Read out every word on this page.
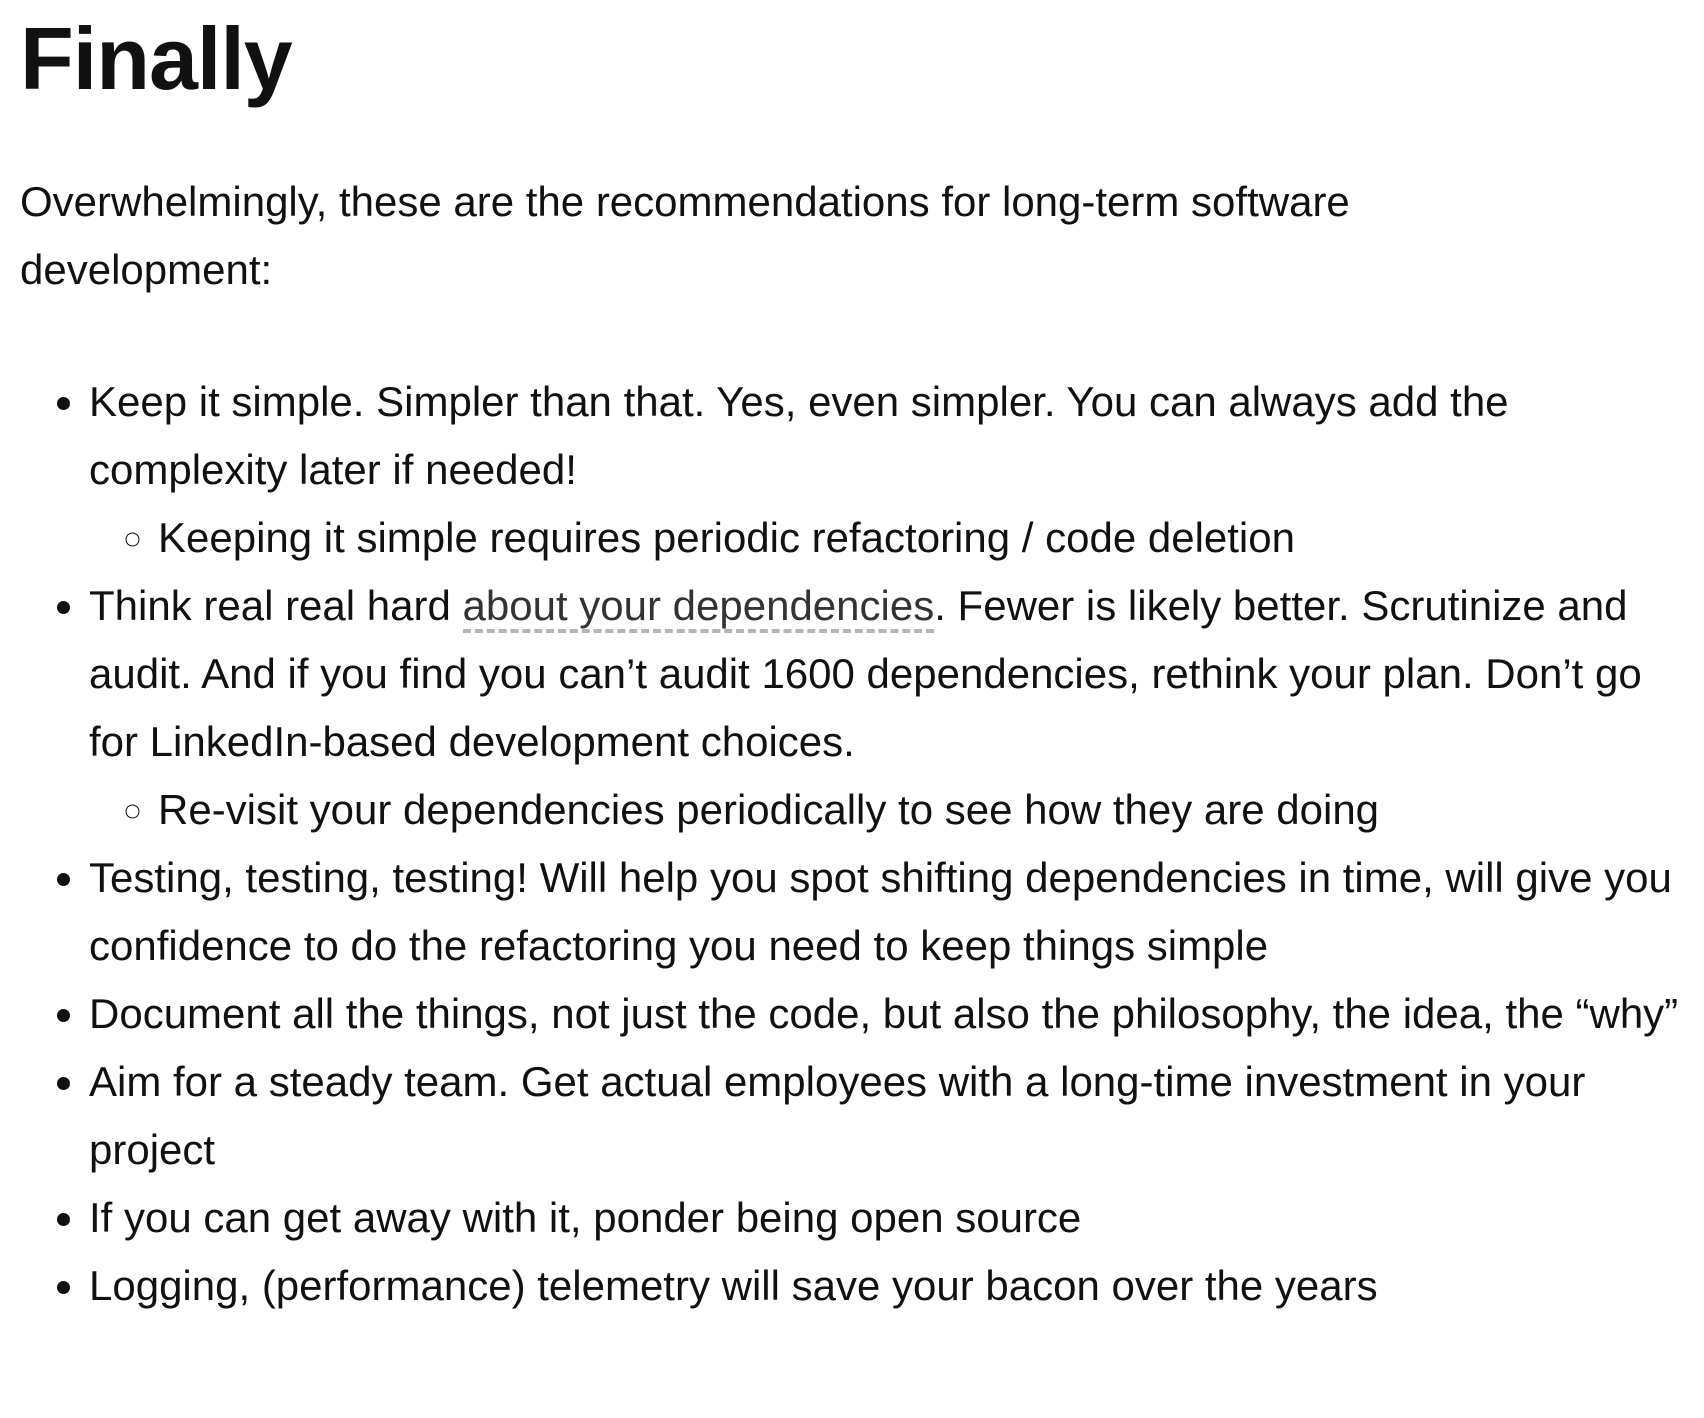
Finally

Overwhelmingly, these are the recommendations for long-term software development:

• Keep it simple. Simpler than that. Yes, even simpler. You can always add the complexity later if needed!
◦ Keeping it simple requires periodic refactoring / code deletion
• Think real real hard about your dependencies. Fewer is likely better. Scrutinize and audit. And if you find you can’t audit 1600 dependencies, rethink your plan. Don’t go for LinkedIn-based development choices.
◦ Re-visit your dependencies periodically to see how they are doing
• Testing, testing, testing! Will help you spot shifting dependencies in time, will give you confidence to do the refactoring you need to keep things simple
• Document all the things, not just the code, but also the philosophy, the idea, the “why”
• Aim for a steady team. Get actual employees with a long-time investment in your project
• If you can get away with it, ponder being open source
• Logging, (performance) telemetry will save your bacon over the years
